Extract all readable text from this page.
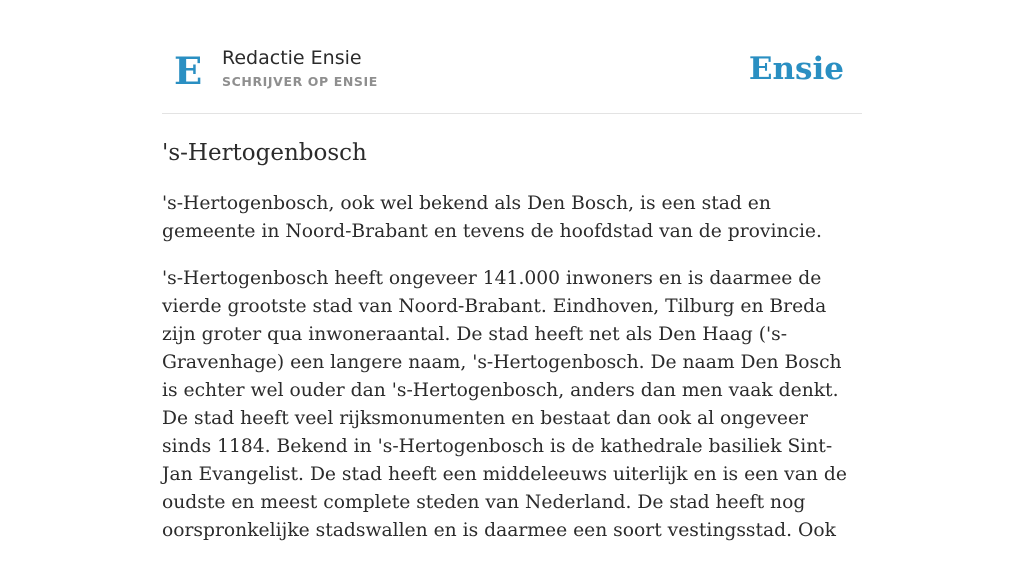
E Redactie Ensie
SCHRIJVER OP ENSIE	Ensie
's-Hertogenbosch

's-Hertogenbosch, ook wel bekend als Den Bosch, is een stad en gemeente in Noord-Brabant en tevens de hoofdstad van de provincie.

's-Hertogenbosch heeft ongeveer 141.000 inwoners en is daarmee de vierde grootste stad van Noord-Brabant. Eindhoven, Tilburg en Breda zijn groter qua inwoneraantal. De stad heeft net als Den Haag ('s-Gravenhage) een langere naam, 's-Hertogenbosch. De naam Den Bosch is echter wel ouder dan 's-Hertogenbosch, anders dan men vaak denkt. De stad heeft veel rijksmonumenten en bestaat dan ook al ongeveer sinds 1184. Bekend in 's-Hertogenbosch is de kathedrale basiliek Sint-Jan Evangelist. De stad heeft een middeleeuws uiterlijk en is een van de oudste en meest complete steden van Nederland. De stad heeft nog oorspronkelijke stadswallen en is daarmee een soort vestingsstad. Ook
